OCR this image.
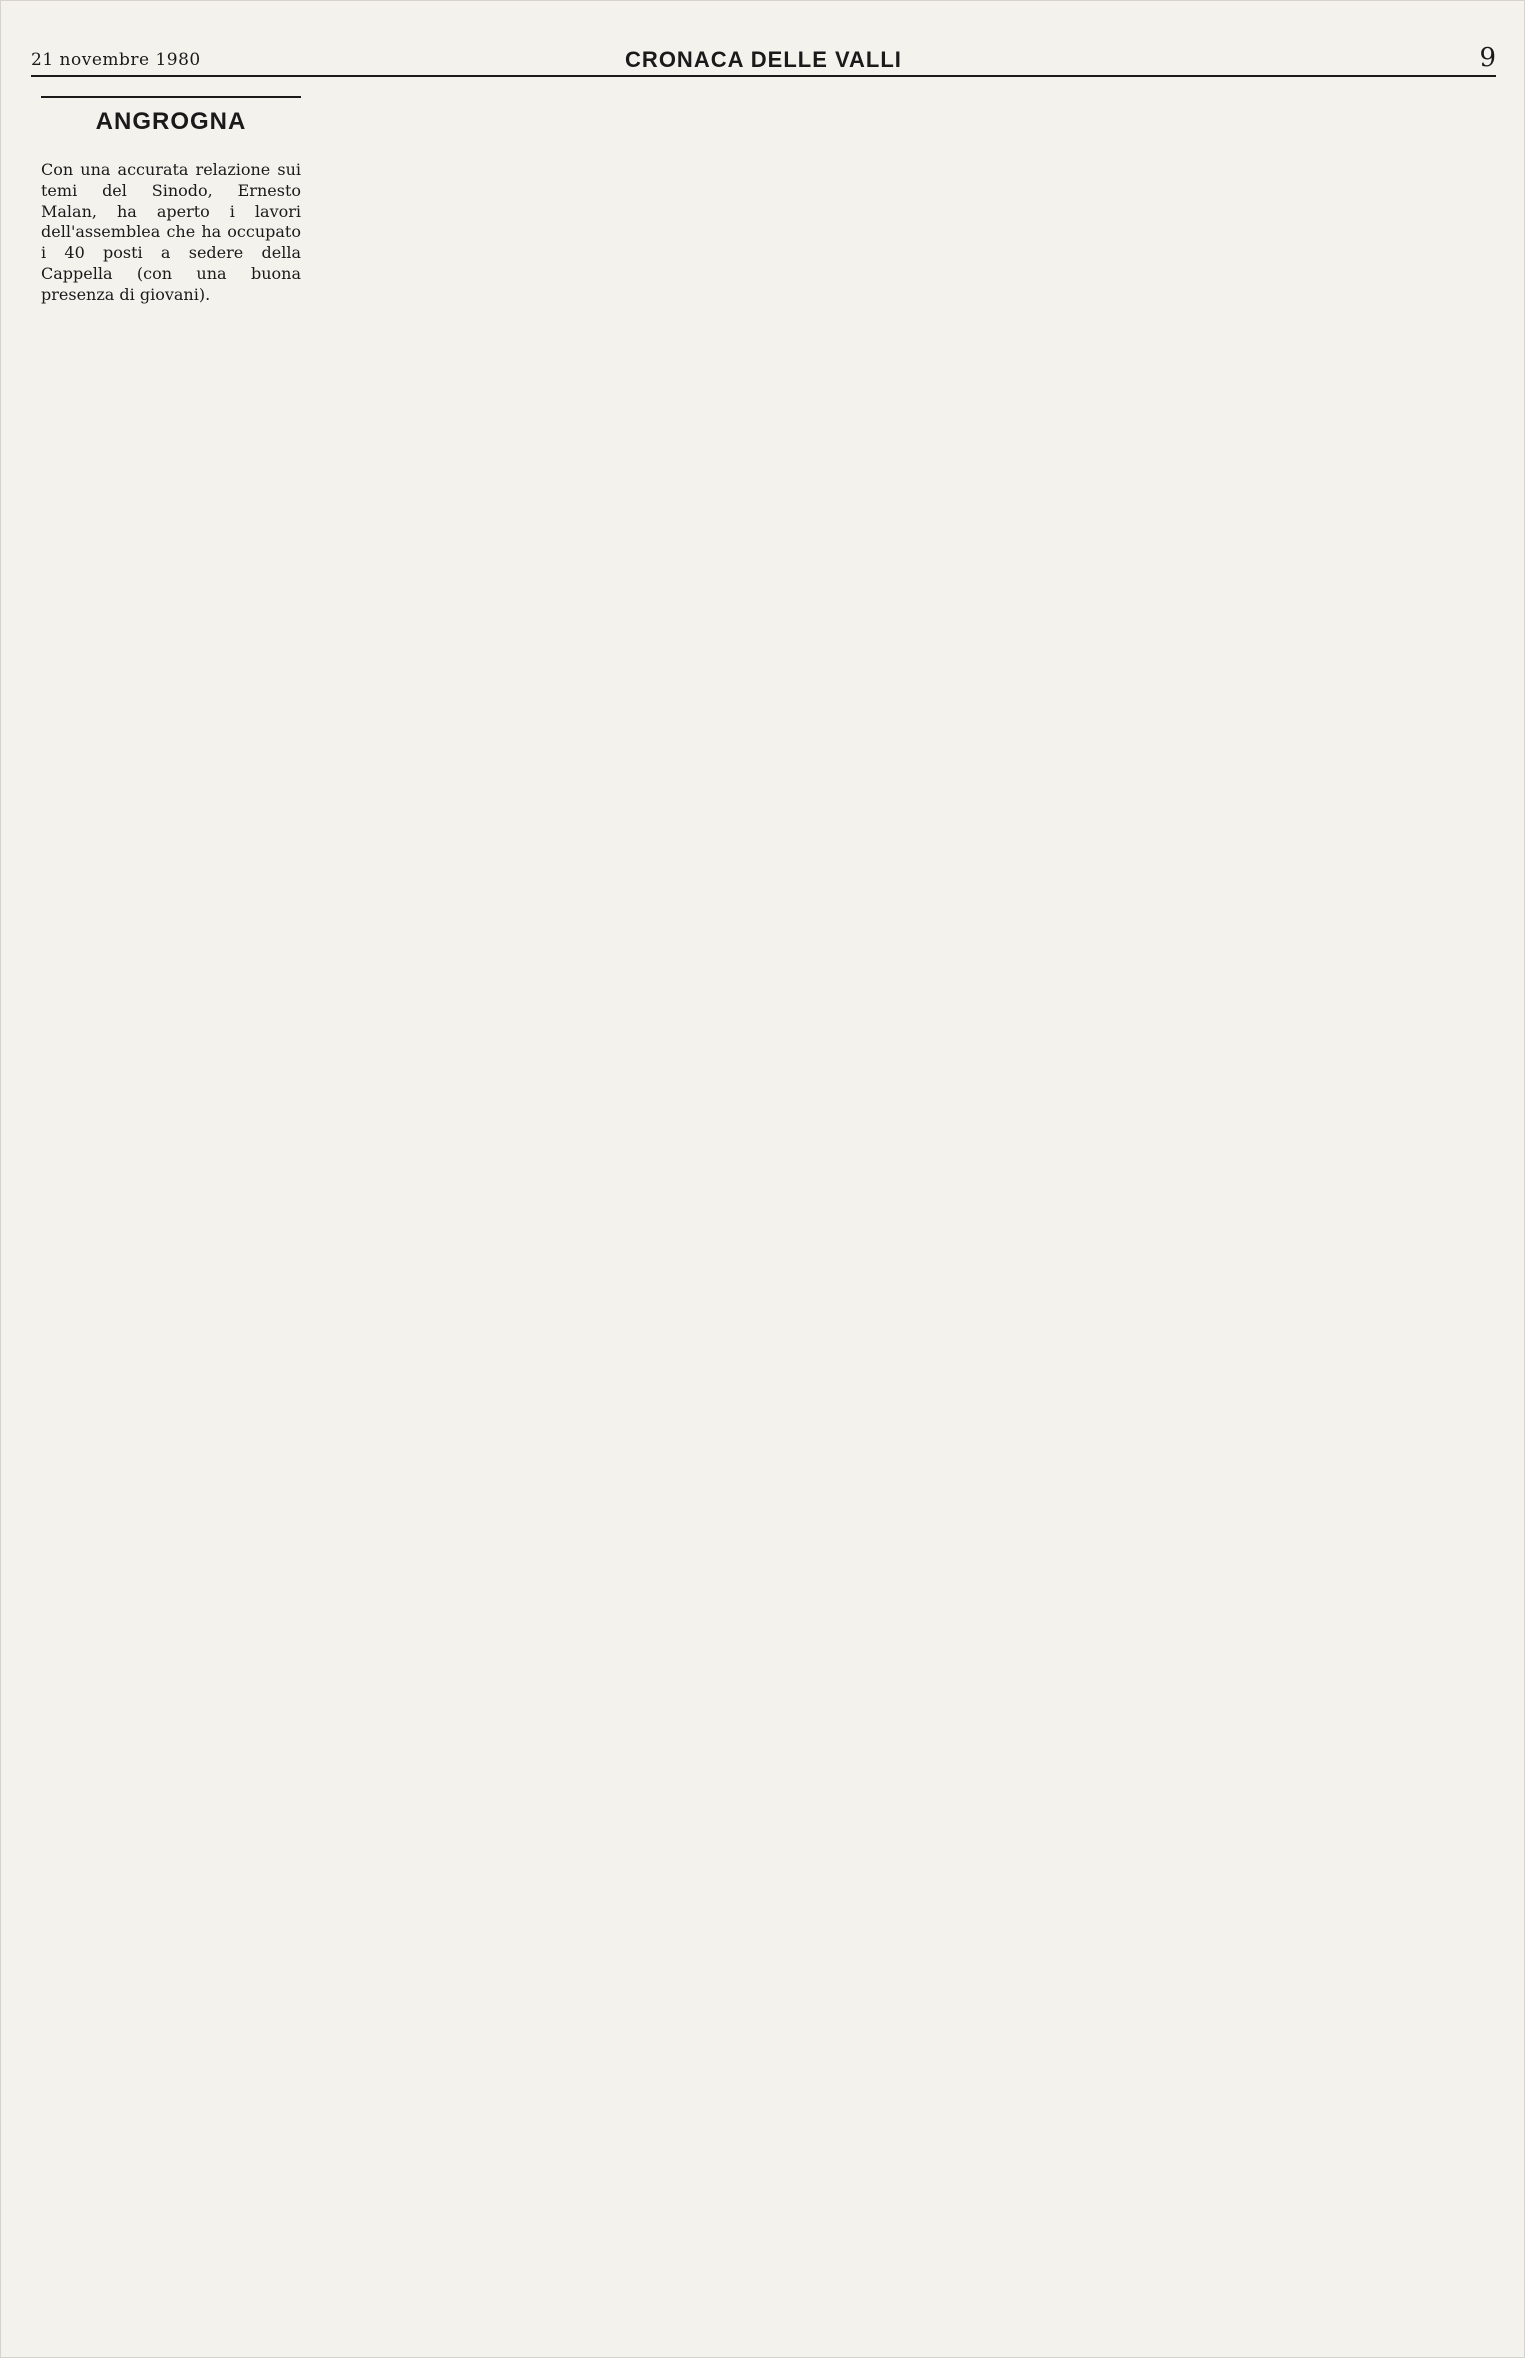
21 novembre 1980	CRONACA DELLE VALLI	9
ANGROGNA

Con una accurata relazione sui temi del Sinodo, Ernesto Malan, ha aperto i lavori dell'assemblea che ha occupato i 40 posti a sedere della Cappella (con una buona presenza di giovani).
